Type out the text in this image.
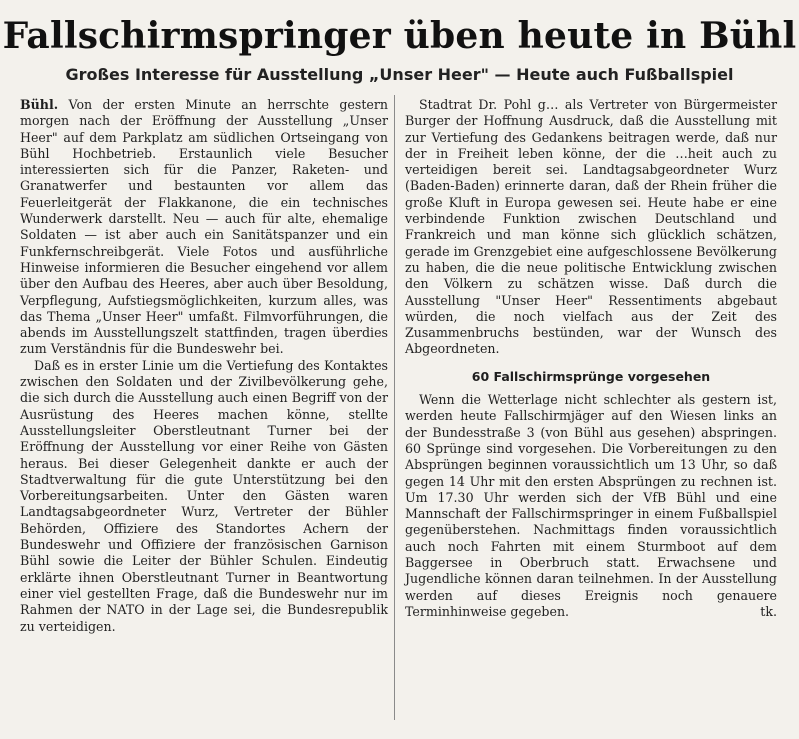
Fallschirmspringer üben heute in Bühl
Großes Interesse für Ausstellung „Unser Heer" — Heute auch Fußballspiel

Bühl. Von der ersten Minute an herrschte gestern morgen nach der Eröffnung der Ausstellung „Unser Heer" auf dem Parkplatz am südlichen Ortseingang von Bühl Hochbetrieb. Erstaunlich viele Besucher interessierten sich für die Panzer, Raketen- und Granatwerfer und bestaunten vor allem das Feuerleitgerät der Flakkanone, die ein technisches Wunderwerk darstellt. Neu — auch für alte, ehemalige Soldaten — ist aber auch ein Sanitätspanzer und ein Funkfernschreibgerät. Viele Fotos und ausführliche Hinweise informieren die Besucher eingehend vor allem über den Aufbau des Heeres, aber auch über Besoldung, Verpflegung, Aufstiegsmöglichkeiten, kurzum alles, was das Thema „Unser Heer" umfaßt. Filmvorführungen, die abends im Ausstellungszelt stattfinden, tragen überdies zum Verständnis für die Bundeswehr bei.

Daß es in erster Linie um die Vertiefung des Kontaktes zwischen den Soldaten und der Zivilbevölkerung gehe, die sich durch die Ausstellung auch einen Begriff von der Ausrüstung des Heeres machen könne, stellte Ausstellungsleiter Oberstleutnant Turner bei der Eröffnung der Ausstellung vor einer Reihe von Gästen heraus. Bei dieser Gelegenheit dankte er auch der Stadtverwaltung für die gute Unterstützung bei den Vorbereitungsarbeiten. Unter den Gästen waren Landtagsabgeordneter Wurz, Vertreter der Bühler Behörden, Offiziere des Standortes Achern der Bundeswehr und Offiziere der französischen Garnison Bühl sowie die Leiter der Bühler Schulen. Eindeutig erklärte ihnen Oberstleutnant Turner in Beantwortung einer viel gestellten Frage, daß die Bundeswehr nur im Rahmen der NATO in der Lage sei, die Bundesrepublik zu verteidigen.

Stadtrat Dr. Pohl g… als Vertreter von Bürgermeister Burger der Hoffnung Ausdruck, daß die Ausstellung mit zur Vertiefung des Gedankens beitragen werde, daß nur der in Freiheit leben könne, der die …heit auch zu verteidigen bereit sei. Landtagsabgeordneter Wurz (Baden-Baden) erinnerte daran, daß der Rhein früher die große Kluft in Europa gewesen sei. Heute habe er eine verbindende Funktion zwischen Deutschland und Frankreich und man könne sich glücklich schätzen, gerade im Grenzgebiet eine aufgeschlossene Bevölkerung zu haben, die die neue politische Entwicklung zwischen den Völkern zu schätzen wisse. Daß durch die Ausstellung "Unser Heer" Ressentiments abgebaut würden, die noch vielfach aus der Zeit des Zusammenbruchs bestünden, war der Wunsch des Abgeordneten.

60 Fallschirmsprünge vorgesehen

Wenn die Wetterlage nicht schlechter als gestern ist, werden heute Fallschirmjäger auf den Wiesen links an der Bundesstraße 3 (von Bühl aus gesehen) abspringen. 60 Sprünge sind vorgesehen. Die Vorbereitungen zu den Absprüngen beginnen voraussichtlich um 13 Uhr, so daß gegen 14 Uhr mit den ersten Absprüngen zu rechnen ist. Um 17.30 Uhr werden sich der VfB Bühl und eine Mannschaft der Fallschirmspringer in einem Fußballspiel gegenüberstehen. Nachmittags finden voraussichtlich auch noch Fahrten mit einem Sturmboot auf dem Baggersee in Oberbruch statt. Erwachsene und Jugendliche können daran teilnehmen. In der Ausstellung werden auf dieses Ereignis noch genauere Terminhinweise gegeben.	tk.
